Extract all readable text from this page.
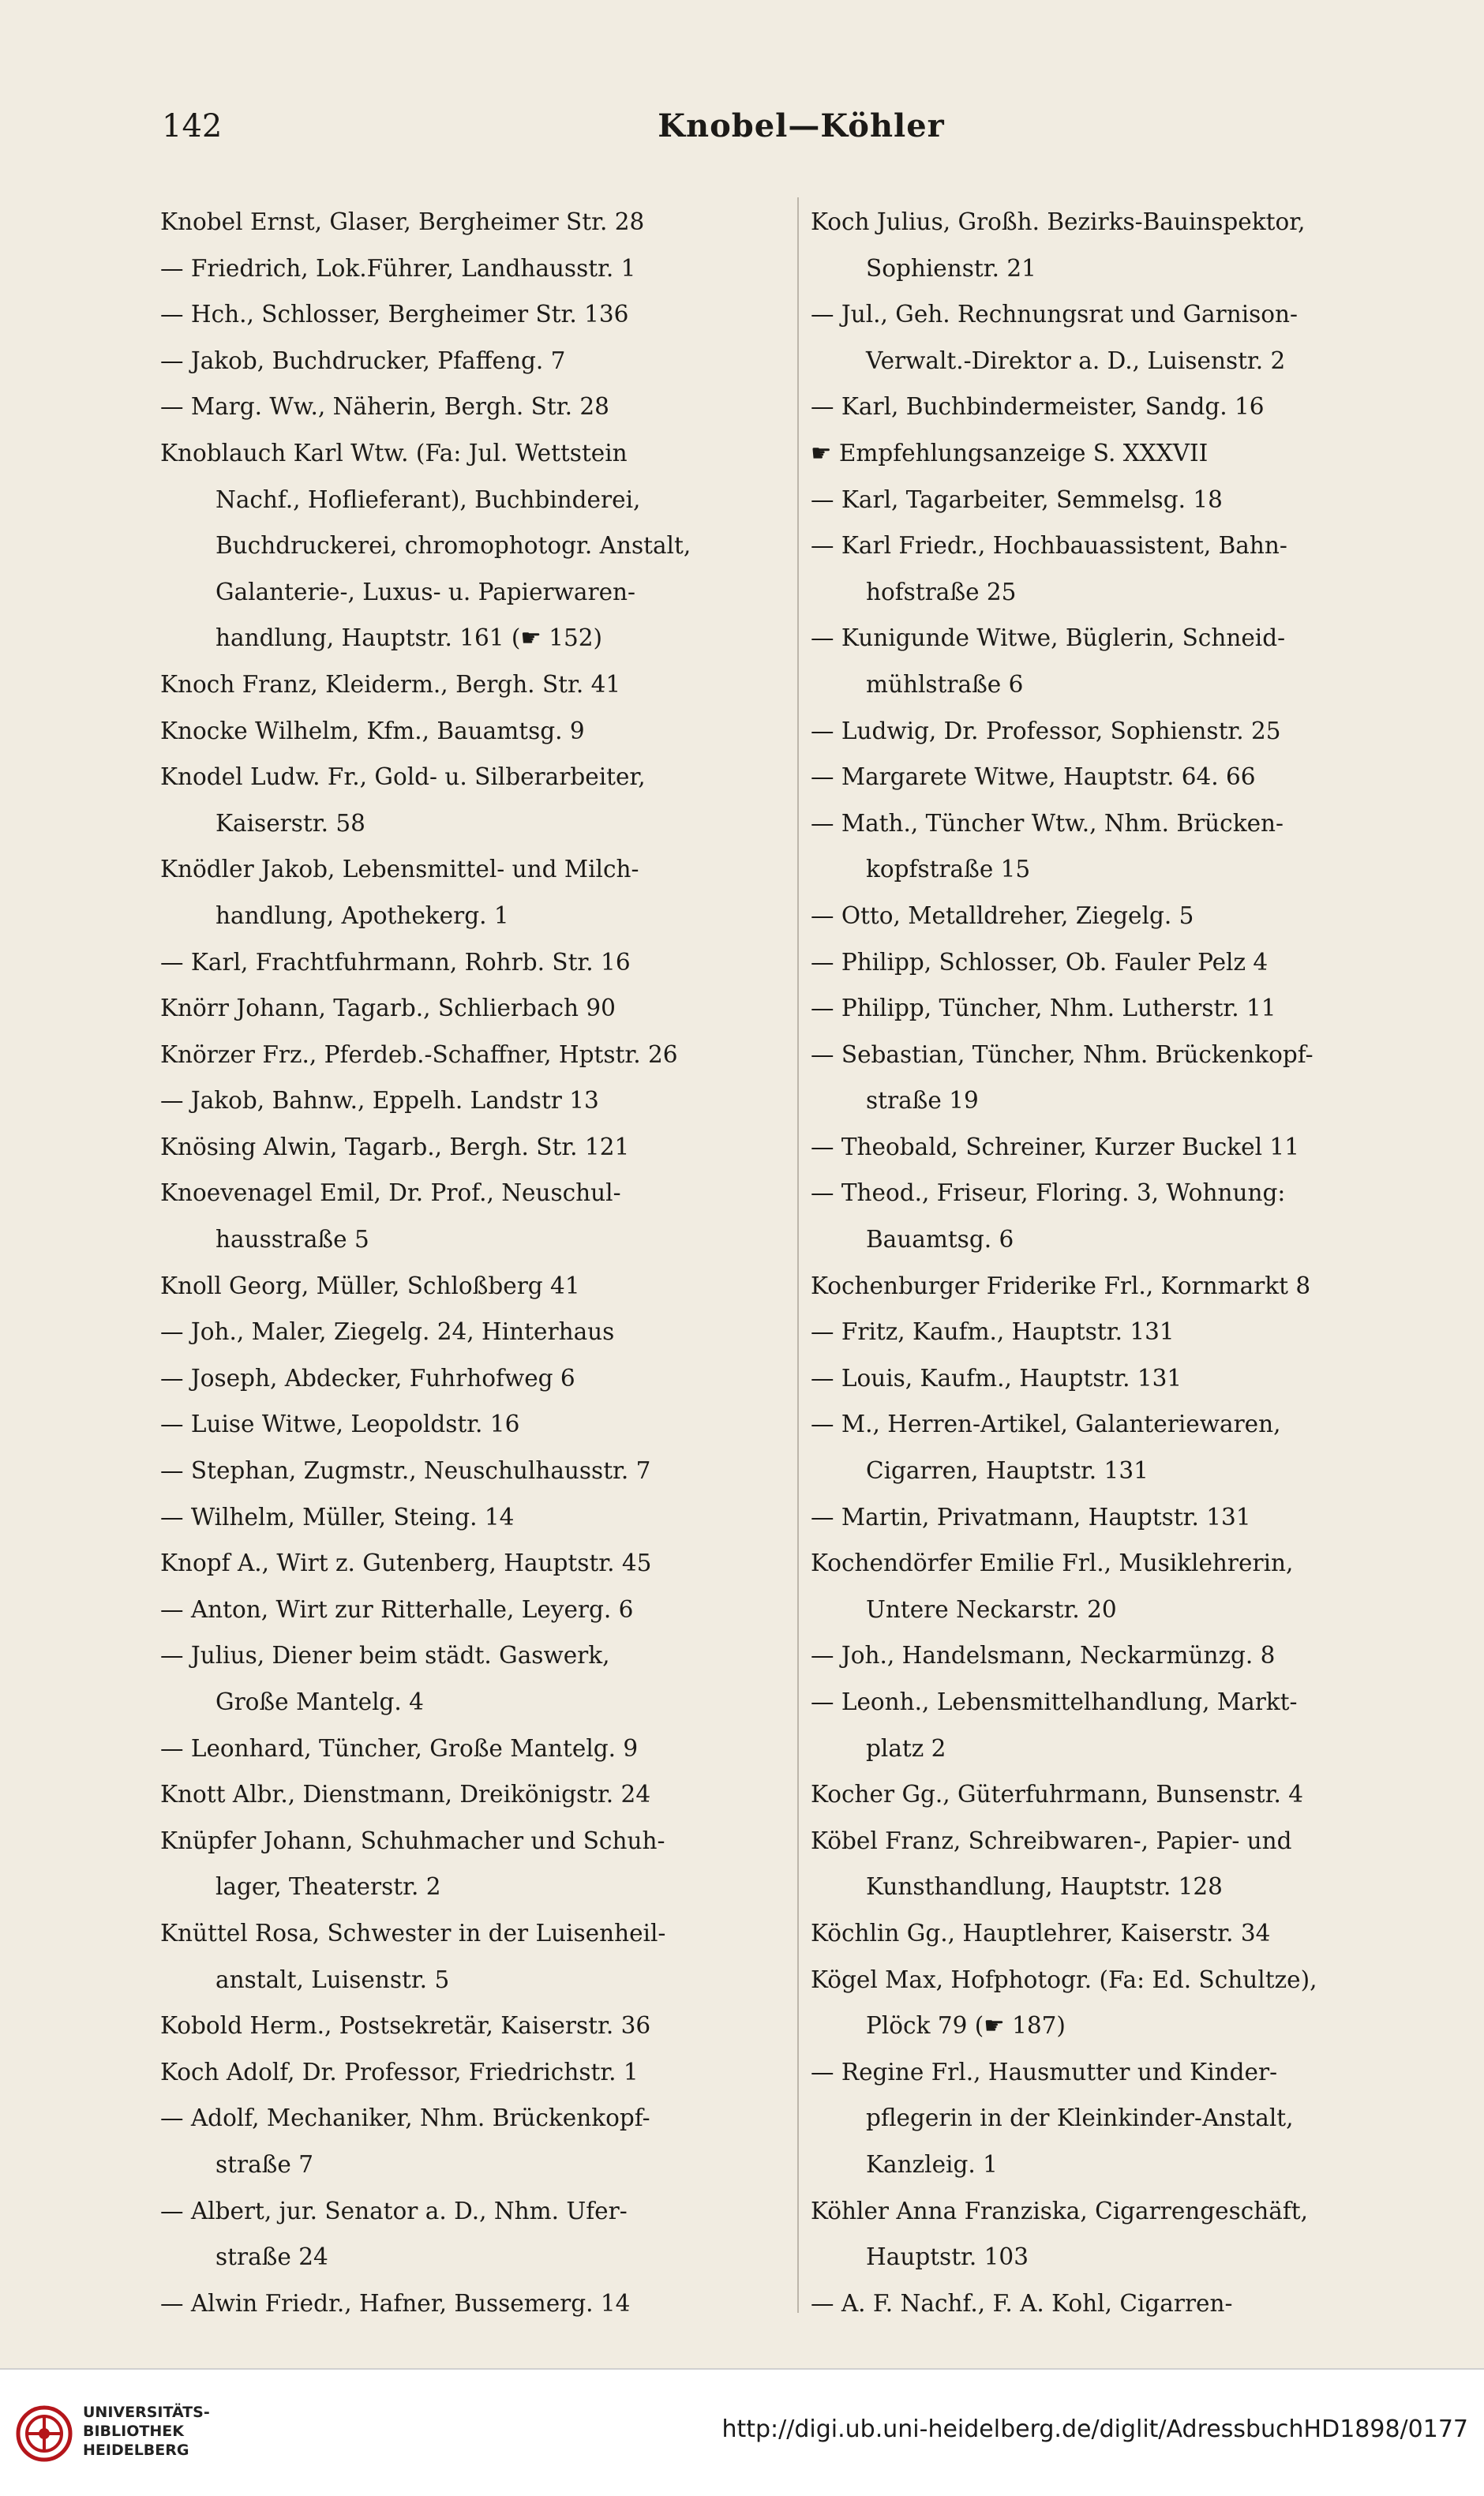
142	Knobel—Köhler
Knobel Ernst, Glaser, Bergheimer Str. 28
— Friedrich, Lok.Führer, Landhausstr. 1
— Hch., Schlosser, Bergheimer Str. 136
— Jakob, Buchdrucker, Pfaffeng. 7
— Marg. Ww., Näherin, Bergh. Str. 28
Knoblauch Karl Wtw. (Fa: Jul. Wettstein
Nachf., Hoflieferant), Buchbinderei,
Buchdruckerei, chromophotogr. Anstalt,
Galanterie-, Luxus- u. Papierwaren-
handlung, Hauptstr. 161 (☛ 152)
Knoch Franz, Kleiderm., Bergh. Str. 41
Knocke Wilhelm, Kfm., Bauamtsg. 9
Knodel Ludw. Fr., Gold- u. Silberarbeiter,
Kaiserstr. 58
Knödler Jakob, Lebensmittel- und Milch-
handlung, Apothekerg. 1
— Karl, Frachtfuhrmann, Rohrb. Str. 16
Knörr Johann, Tagarb., Schlierbach 90
Knörzer Frz., Pferdeb.-Schaffner, Hptstr. 26
— Jakob, Bahnw., Eppelh. Landstr 13
Knösing Alwin, Tagarb., Bergh. Str. 121
Knoevenagel Emil, Dr. Prof., Neuschul-
hausstraße 5
Knoll Georg, Müller, Schloßberg 41
— Joh., Maler, Ziegelg. 24, Hinterhaus
— Joseph, Abdecker, Fuhrhofweg 6
— Luise Witwe, Leopoldstr. 16
— Stephan, Zugmstr., Neuschulhausstr. 7
— Wilhelm, Müller, Steing. 14
Knopf A., Wirt z. Gutenberg, Hauptstr. 45
— Anton, Wirt zur Ritterhalle, Leyerg. 6
— Julius, Diener beim städt. Gaswerk,
Große Mantelg. 4
— Leonhard, Tüncher, Große Mantelg. 9
Knott Albr., Dienstmann, Dreikönigstr. 24
Knüpfer Johann, Schuhmacher und Schuh-
lager, Theaterstr. 2
Knüttel Rosa, Schwester in der Luisenheil-
anstalt, Luisenstr. 5
Kobold Herm., Postsekretär, Kaiserstr. 36
Koch Adolf, Dr. Professor, Friedrichstr. 1
— Adolf, Mechaniker, Nhm. Brückenkopf-
straße 7
— Albert, jur. Senator a. D., Nhm. Ufer-
straße 24
— Alwin Friedr., Hafner, Bussemerg. 14
Koch Julius, Großh. Bezirks-Bauinspektor,
Sophienstr. 21
— Jul., Geh. Rechnungsrat und Garnison-
Verwalt.-Direktor a. D., Luisenstr. 2
— Karl, Buchbindermeister, Sandg. 16
☛ Empfehlungsanzeige S. XXXVII
— Karl, Tagarbeiter, Semmelsg. 18
— Karl Friedr., Hochbauassistent, Bahn-
hofstraße 25
— Kunigunde Witwe, Büglerin, Schneid-
mühlstraße 6
— Ludwig, Dr. Professor, Sophienstr. 25
— Margarete Witwe, Hauptstr. 64. 66
— Math., Tüncher Wtw., Nhm. Brücken-
kopfstraße 15
— Otto, Metalldreher, Ziegelg. 5
— Philipp, Schlosser, Ob. Fauler Pelz 4
— Philipp, Tüncher, Nhm. Lutherstr. 11
— Sebastian, Tüncher, Nhm. Brückenkopf-
straße 19
— Theobald, Schreiner, Kurzer Buckel 11
— Theod., Friseur, Floring. 3, Wohnung:
Bauamtsg. 6
Kochenburger Friderike Frl., Kornmarkt 8
— Fritz, Kaufm., Hauptstr. 131
— Louis, Kaufm., Hauptstr. 131
— M., Herren-Artikel, Galanteriewaren,
Cigarren, Hauptstr. 131
— Martin, Privatmann, Hauptstr. 131
Kochendörfer Emilie Frl., Musiklehrerin,
Untere Neckarstr. 20
— Joh., Handelsmann, Neckarmünzg. 8
— Leonh., Lebensmittelhandlung, Markt-
platz 2
Kocher Gg., Güterfuhrmann, Bunsenstr. 4
Köbel Franz, Schreibwaren-, Papier- und
Kunsthandlung, Hauptstr. 128
Köchlin Gg., Hauptlehrer, Kaiserstr. 34
Kögel Max, Hofphotogr. (Fa: Ed. Schultze),
Plöck 79 (☛ 187)
— Regine Frl., Hausmutter und Kinder-
pflegerin in der Kleinkinder-Anstalt,
Kanzleig. 1
Köhler Anna Franziska, Cigarrengeschäft,
Hauptstr. 103
— A. F. Nachf., F. A. Kohl, Cigarren-
UNIVERSITÄTS-
BIBLIOTHEK
HEIDELBERG
http://digi.ub.uni-heidelberg.de/diglit/AdressbuchHD1898/0177
